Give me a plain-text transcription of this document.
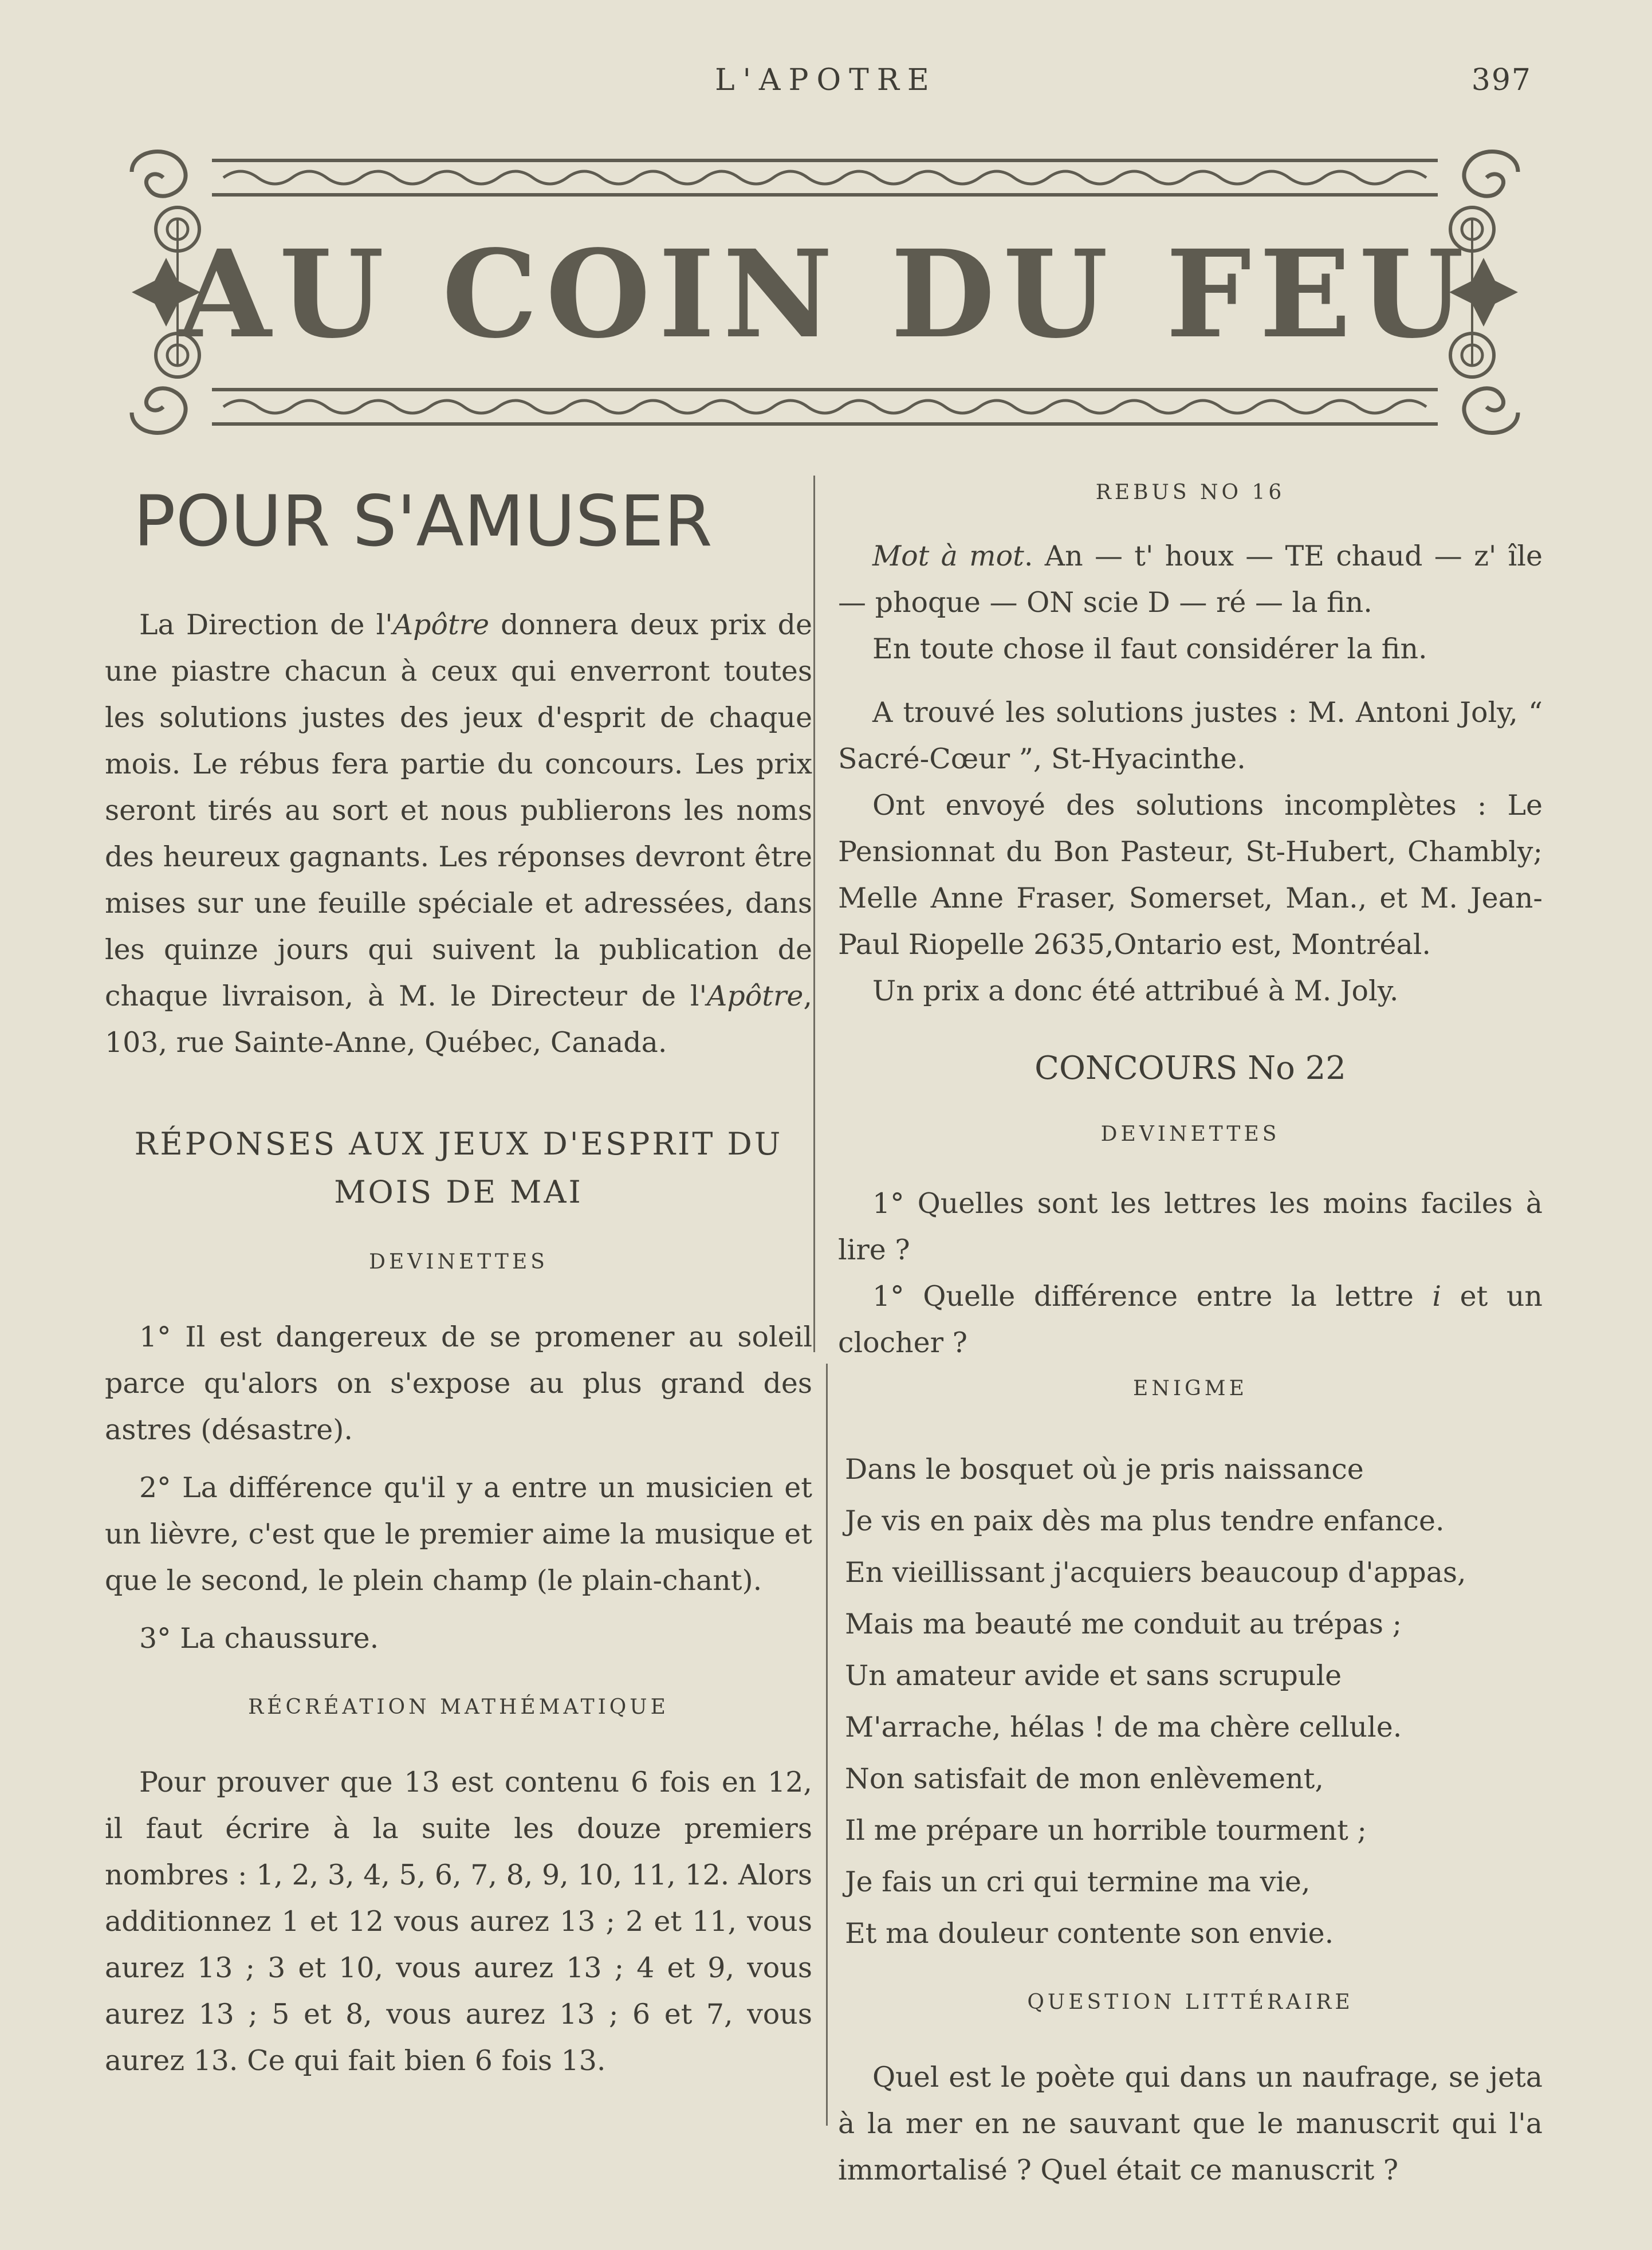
L'APOTRE	397
AU COIN DU FEU
POUR S'AMUSER

La Direction de l'Apôtre donnera deux prix de une piastre chacun à ceux qui enverront toutes les solutions justes des jeux d'esprit de chaque mois. Le rébus fera partie du concours. Les prix seront tirés au sort et nous publierons les noms des heureux gagnants. Les réponses devront être mises sur une feuille spéciale et adressées, dans les quinze jours qui suivent la publication de chaque livraison, à M. le Directeur de l'Apôtre, 103, rue Sainte-Anne, Québec, Canada.

RÉPONSES AUX JEUX D'ESPRIT DU MOIS DE MAI
DEVINETTES

1° Il est dangereux de se promener au soleil parce qu'alors on s'expose au plus grand des astres (désastre).

2° La différence qu'il y a entre un musicien et un lièvre, c'est que le premier aime la musique et que le second, le plein champ (le plain-chant).

3° La chaussure.

RÉCRÉATION MATHÉMATIQUE

Pour prouver que 13 est contenu 6 fois en 12, il faut écrire à la suite les douze premiers nombres : 1, 2, 3, 4, 5, 6, 7, 8, 9, 10, 11, 12. Alors additionnez 1 et 12 vous aurez 13 ; 2 et 11, vous aurez 13 ; 3 et 10, vous aurez 13 ; 4 et 9, vous aurez 13 ; 5 et 8, vous aurez 13 ; 6 et 7, vous aurez 13. Ce qui fait bien 6 fois 13.

REBUS NO 16

Mot à mot. An — t' houx — TE chaud — z' île — phoque — ON scie D — ré — la fin.

En toute chose il faut considérer la fin.

A trouvé les solutions justes : M. Antoni Joly, “ Sacré-Cœur ”, St-Hyacinthe.

Ont envoyé des solutions incomplètes : Le Pensionnat du Bon Pasteur, St-Hubert, Chambly; Melle Anne Fraser, Somerset, Man., et M. Jean-Paul Riopelle 2635,Ontario est, Montréal.

Un prix a donc été attribué à M. Joly.

CONCOURS No 22
DEVINETTES

1° Quelles sont les lettres les moins faciles à lire ?

1° Quelle différence entre la lettre i et un clocher ?

ENIGME

Dans le bosquet où je pris naissance

Je vis en paix dès ma plus tendre enfance.

En vieillissant j'acquiers beaucoup d'appas,

Mais ma beauté me conduit au trépas ;

Un amateur avide et sans scrupule

M'arrache, hélas ! de ma chère cellule.

Non satisfait de mon enlèvement,

Il me prépare un horrible tourment ;

Je fais un cri qui termine ma vie,

Et ma douleur contente son envie.

QUESTION LITTÉRAIRE

Quel est le poète qui dans un naufrage, se jeta à la mer en ne sauvant que le manuscrit qui l'a immortalisé ? Quel était ce manuscrit ?
